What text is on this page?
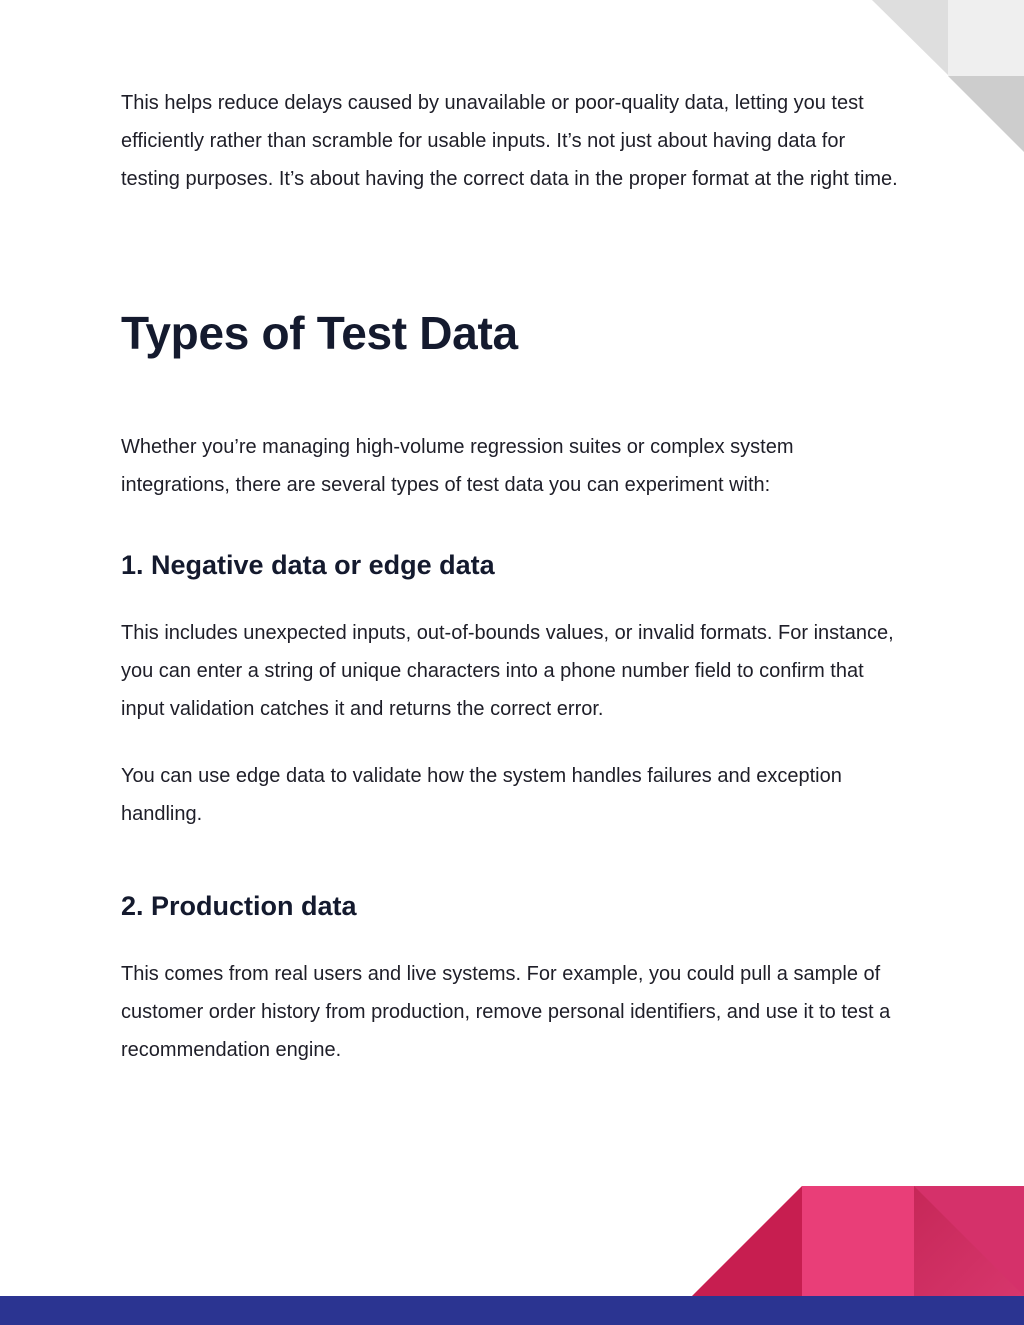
This helps reduce delays caused by unavailable or poor-quality data, letting you test efficiently rather than scramble for usable inputs. It’s not just about having data for testing purposes. It’s about having the correct data in the proper format at the right time.

Types of Test Data

Whether you’re managing high-volume regression suites or complex system integrations, there are several types of test data you can experiment with:

1. Negative data or edge data

This includes unexpected inputs, out-of-bounds values, or invalid formats. For instance, you can enter a string of unique characters into a phone number field to confirm that input validation catches it and returns the correct error.

You can use edge data to validate how the system handles failures and exception handling.

2. Production data

This comes from real users and live systems. For example, you could pull a sample of customer order history from production, remove personal identifiers, and use it to test a recommendation engine.
